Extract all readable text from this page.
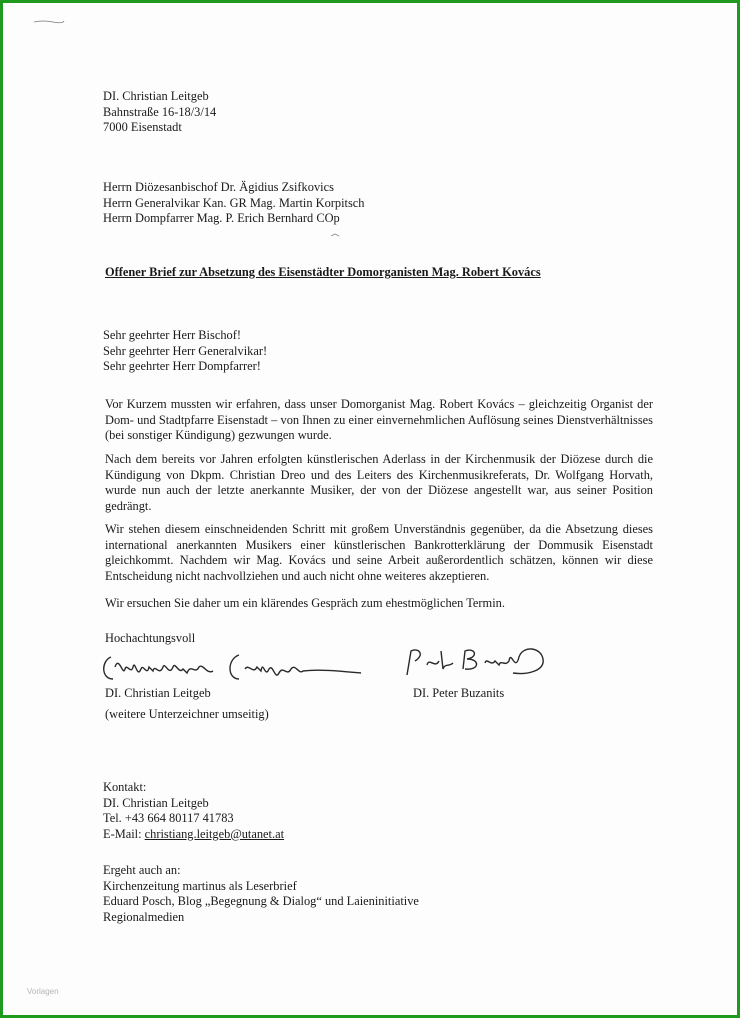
DI. Christian Leitgeb
Bahnstraße 16-18/3/14
7000 Eisenstadt
Herrn Diözesanbischof Dr. Ägidius Zsifkovics
Herrn Generalvikar Kan. GR Mag. Martin Korpitsch
Herrn Dompfarrer Mag. P. Erich Bernhard COp
Offener Brief zur Absetzung des Eisenstädter Domorganisten Mag. Robert Kovács
Sehr geehrter Herr Bischof!
Sehr geehrter Herr Generalvikar!
Sehr geehrter Herr Dompfarrer!

Vor Kurzem mussten wir erfahren, dass unser Domorganist Mag. Robert Kovács – gleichzeitig Organist der Dom- und Stadtpfarre Eisenstadt – von Ihnen zu einer einvernehmlichen Auflösung seines Dienstverhältnisses (bei sonstiger Kündigung) gezwungen wurde.

Nach dem bereits vor Jahren erfolgten künstlerischen Aderlass in der Kirchenmusik der Diözese durch die Kündigung von Dkpm. Christian Dreo und des Leiters des Kirchenmusikreferats, Dr. Wolfgang Horvath, wurde nun auch der letzte anerkannte Musiker, der von der Diözese angestellt war, aus seiner Position gedrängt.

Wir stehen diesem einschneidenden Schritt mit großem Unverständnis gegenüber, da die Absetzung dieses international anerkannten Musikers einer künstlerischen Bankrotterklärung der Dommusik Eisenstadt gleichkommt. Nachdem wir Mag. Kovács und seine Arbeit außerordentlich schätzen, können wir diese Entscheidung nicht nachvollziehen und auch nicht ohne weiteres akzeptieren.

Wir ersuchen Sie daher um ein klärendes Gespräch zum ehestmöglichen Termin.

Hochachtungsvoll
DI. Christian Leitgeb	DI. Peter Buzanits
(weitere Unterzeichner umseitig)
Kontakt:
DI. Christian Leitgeb
Tel. +43 664 80117 41783
E-Mail: christiang.leitgeb@utanet.at
Ergeht auch an:
Kirchenzeitung martinus als Leserbrief
Eduard Posch, Blog „Begegnung & Dialog“ und Laieninitiative
Regionalmedien
Vorlagen
